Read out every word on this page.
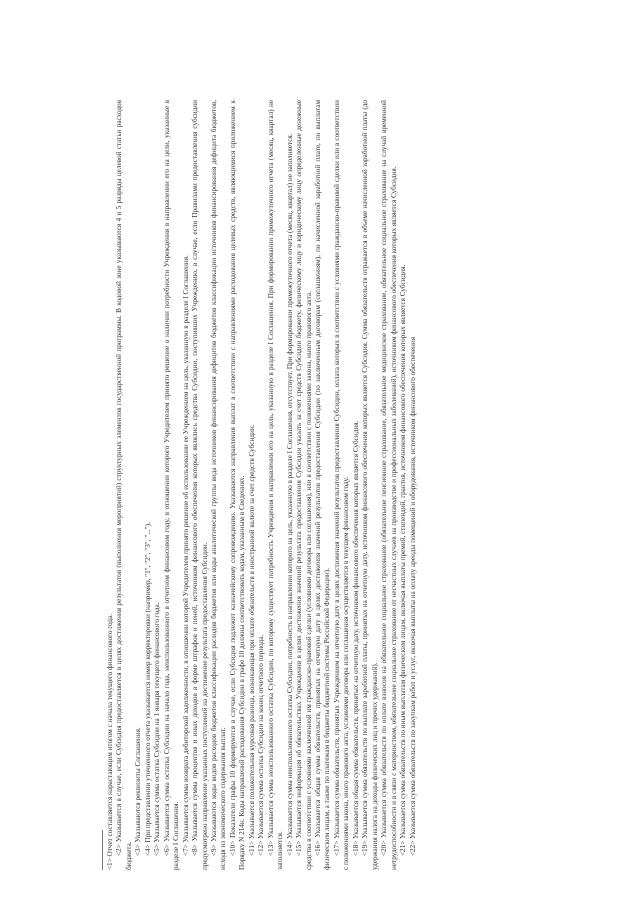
<1> Отчет составляется нарастающим итогом с начала текущего финансового года. <2> Указывается в случае, если Субсидия предоставляется в целях достижения результатов (выполнения мероприятий) структурных элементов государственной программы. В кодовой зоне указываются 4 и 5 разряды целевой статьи расходов бюджета. <3> Указываются реквизиты Соглашения. <4> При представлении уточненного отчета указывается номер корректировки (например, "1", "2", "3", "..."). <5> Указывается сумма остатка Субсидии на 1 января текущего финансового года. <6> Указывается сумма остатка Субсидии на начало года, неиспользованного в отчетном финансовом году, в отношении которого Учредителем принято решение о наличии потребности Учреждения в направлении его на цели, указанные в разделе I Соглашения. <7> Указывается сумма возврата дебиторской задолженности, в отношении которой Учредителем принято решение об использовании ее Учреждением на цель, указанную в разделе I Соглашения. <8> Указывается сумма процентов и иных доходов в форме штрафов и пеней, источником финансового обеспечения которых являлись средства Субсидии, поступивших Учреждению, в случае, если Правилами предоставления субсидии предусмотрено направление указанных поступлений на достижение результата предоставления Субсидии. <9> Указываются коды видов расходов бюджетов классификации расходов бюджетов или коды аналитической группы вида источников финансирования дефицитов бюджетов классификации источников финансирования дефицита бюджетов, исходя из экономического содержания выплат. <10> Показатели графы 10 формируются в случае, если Субсидия подлежит казначейскому сопровождению. Указываются направления выплат в соответствии с направлениями расходования целевых средств, являющимися приложением к Порядку N 214н. Коды направлений расходования Субсидии в графе 10 должны соответствовать кодам, указанным в Сведениях. <11> Указывается положительная курсовая разница, возникающая при оплате обязательств в иностранной валюте за счет средств Субсидии. <12> Указывается сумма остатка Субсидии на конец отчетного периода. <13> Указывается сумма неиспользованного остатка Субсидии, по которому существует потребность Учреждения в направлении его на цель, указанную в разделе I Соглашения. При формировании промежуточного отчета (месяц, квартал) не заполняется. <14> Указывается сумма неиспользованного остатка Субсидии, потребность в направлении которого на цель, указанную в разделе I Соглашения, отсутствует. При формировании промежуточного отчета (месяц, квартал) не заполняется. <15> Указывается информация об обязательствах Учреждения в целях достижения значений результата предоставления Субсидии указать за счет средств Субсидии бюджету, физическому лицу и юридическому лицу определенные денежные средства в соответствии с условиями заключенной им гражданско-правовой сделки (условиями договора или соглашения), или в соответствии с положениями закона, иного правового акта. <16> Указывается общая сумма обязательств, принятых на отчетную дату в целях достижения значений результатов предоставления Субсидии (по заключенным договорам (соглашениям), по начисленной заработной плате, по выплатам физическим лицам, а также по платежам в бюджеты бюджетной системы Российской Федерации). <17> Указывается сумма обязательств, принятых Учреждением на отчетную дату в целях достижения значений результатов предоставления Субсидии, оплата которых в соответствии с условиями гражданско-правовой сделки или в соответствии с положениями закона, иного правового акта, условиями договора или соглашения осуществляется в текущем финансовом году. <18> Указывается общая сумма обязательств, принятых на отчетную дату, источником финансового обеспечения которых является Субсидия. <19> Указывается сумма обязательств по выплате заработной платы, принятых на отчетную дату, источником финансового обеспечения которых является Субсидия. Сумма обязательств отражается в объеме начисленной заработной платы (до удержания налога на доходы физических лиц и прочих удержаний). <20> Указывается сумма обязательств по оплате взносов на обязательное социальное страхование (обязательное пенсионное страхование, обязательное медицинское страхование, обязательное социальное страхование на случай временной нетрудоспособности и в связи с материнством, обязательное социальное страхование от несчастных случаев на производстве и профессиональных заболеваний), источником финансового обеспечения которых является Субсидия. <21> Указывается сумма обязательств по иным выплатам физическим лицам, включая выплаты премий, стипендий, грантов, источником финансового обеспечения которых является Субсидия. <22> Указывается сумма обязательств по закупкам работ и услуг, включая выплаты на оплату аренды помещений и оборудования, источником финансового обеспечения
